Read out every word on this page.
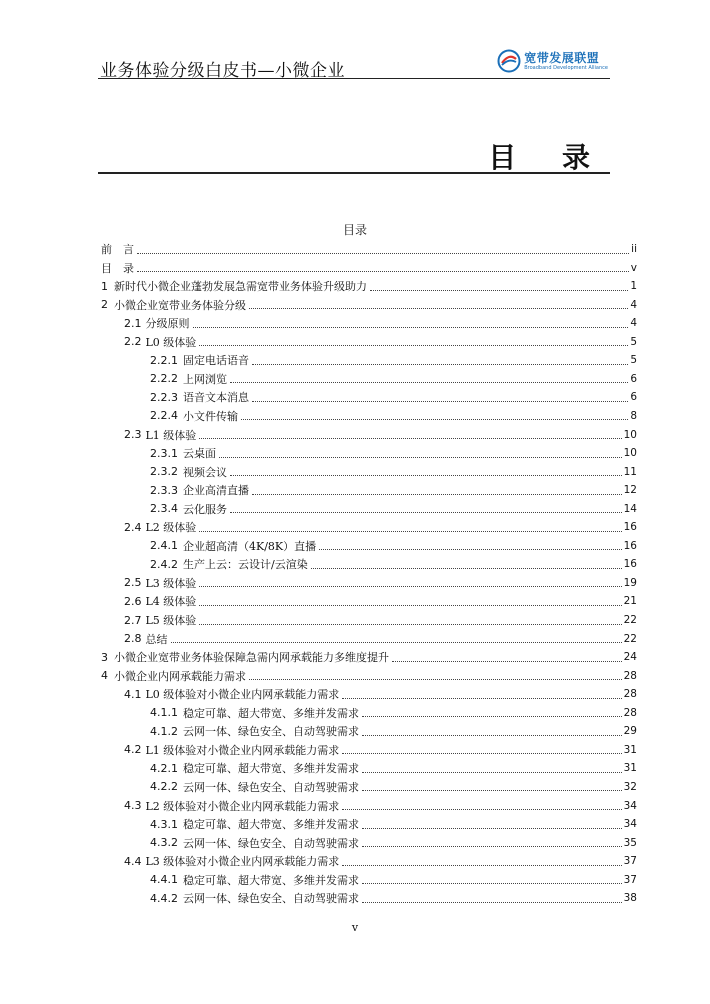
业务体验分级白皮书—小微企业
宽带发展联盟
Broadband Development Alliance
目 录
目录
前　言	ii
目　录	v
1 新时代小微企业蓬勃发展急需宽带业务体验升级助力	1
2 小微企业宽带业务体验分级	4
2.1 分级原则	4
2.2 L0 级体验	5
2.2.1 固定电话语音	5
2.2.2 上网浏览	6
2.2.3 语音文本消息	6
2.2.4 小文件传输	8
2.3 L1 级体验	10
2.3.1 云桌面	10
2.3.2 视频会议	11
2.3.3 企业高清直播	12
2.3.4 云化服务	14
2.4 L2 级体验	16
2.4.1 企业超高清（4K/8K）直播	16
2.4.2 生产上云：云设计/云渲染	16
2.5 L3 级体验	19
2.6 L4 级体验	21
2.7 L5 级体验	22
2.8 总结	22
3 小微企业宽带业务体验保障急需内网承载能力多维度提升	24
4 小微企业内网承载能力需求	28
4.1 L0 级体验对小微企业内网承载能力需求	28
4.1.1 稳定可靠、超大带宽、多维并发需求	28
4.1.2 云网一体、绿色安全、自动驾驶需求	29
4.2 L1 级体验对小微企业内网承载能力需求	31
4.2.1 稳定可靠、超大带宽、多维并发需求	31
4.2.2 云网一体、绿色安全、自动驾驶需求	32
4.3 L2 级体验对小微企业内网承载能力需求	34
4.3.1 稳定可靠、超大带宽、多维并发需求	34
4.3.2 云网一体、绿色安全、自动驾驶需求	35
4.4 L3 级体验对小微企业内网承载能力需求	37
4.4.1 稳定可靠、超大带宽、多维并发需求	37
4.4.2 云网一体、绿色安全、自动驾驶需求	38
v
